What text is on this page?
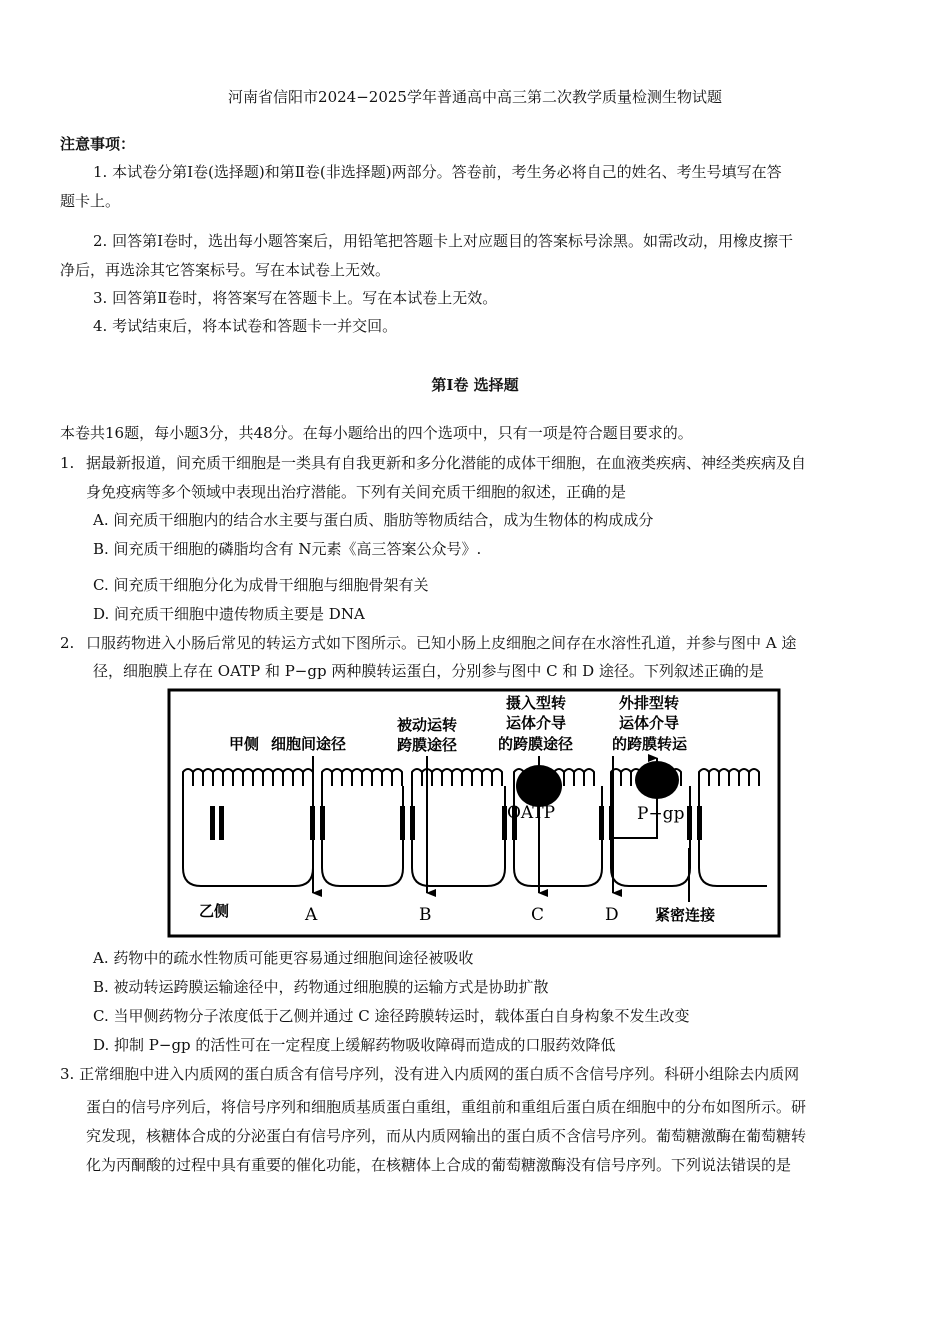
河南省信阳市2024−2025学年普通高中高三第二次教学质量检测生物试题
注意事项：
1. 本试卷分第Ⅰ卷(选择题)和第Ⅱ卷(非选择题)两部分。答卷前，考生务必将自己的姓名、考生号填写在答
题卡上。
2. 回答第Ⅰ卷时，选出每小题答案后，用铅笔把答题卡上对应题目的答案标号涂黑。如需改动，用橡皮擦干
净后，再选涂其它答案标号。写在本试卷上无效。
3. 回答第Ⅱ卷时，将答案写在答题卡上。写在本试卷上无效。
4. 考试结束后，将本试卷和答题卡一并交回。
第Ⅰ卷 选择题
本卷共16题，每小题3分，共48分。在每小题给出的四个选项中，只有一项是符合题目要求的。
1. 据最新报道，间充质干细胞是一类具有自我更新和多分化潜能的成体干细胞，在血液类疾病、神经类疾病及自
身免疫病等多个领域中表现出治疗潜能。下列有关间充质干细胞的叙述，正确的是
A. 间充质干细胞内的结合水主要与蛋白质、脂肪等物质结合，成为生物体的构成成分
B. 间充质干细胞的磷脂均含有 N元素《高三答案公众号》.
C. 间充质干细胞分化为成骨干细胞与细胞骨架有关
D. 间充质干细胞中遗传物质主要是 DNA
2. 口服药物进入小肠后常见的转运方式如下图所示。已知小肠上皮细胞之间存在水溶性孔道，并参与图中 A 途
径，细胞膜上存在 OATP 和 P−gp 两种膜转运蛋白，分别参与图中 C 和 D 途径。下列叙述正确的是
甲侧 细胞间途径
被动运转
跨膜途径
摄入型转
运体介导
的跨膜途径
外排型转
运体介导
的跨膜转运
OATP	P−gp
乙侧	A	B	C	D 紧密连接
A. 药物中的疏水性物质可能更容易通过细胞间途径被吸收
B. 被动转运跨膜运输途径中，药物通过细胞膜的运输方式是协助扩散
C. 当甲侧药物分子浓度低于乙侧并通过 C 途径跨膜转运时，载体蛋白自身构象不发生改变
D. 抑制 P−gp 的活性可在一定程度上缓解药物吸收障碍而造成的口服药效降低
3. 正常细胞中进入内质网的蛋白质含有信号序列，没有进入内质网的蛋白质不含信号序列。科研小组除去内质网
蛋白的信号序列后，将信号序列和细胞质基质蛋白重组，重组前和重组后蛋白质在细胞中的分布如图所示。研
究发现，核糖体合成的分泌蛋白有信号序列，而从内质网输出的蛋白质不含信号序列。葡萄糖激酶在葡萄糖转
化为丙酮酸的过程中具有重要的催化功能，在核糖体上合成的葡萄糖激酶没有信号序列。下列说法错误的是
